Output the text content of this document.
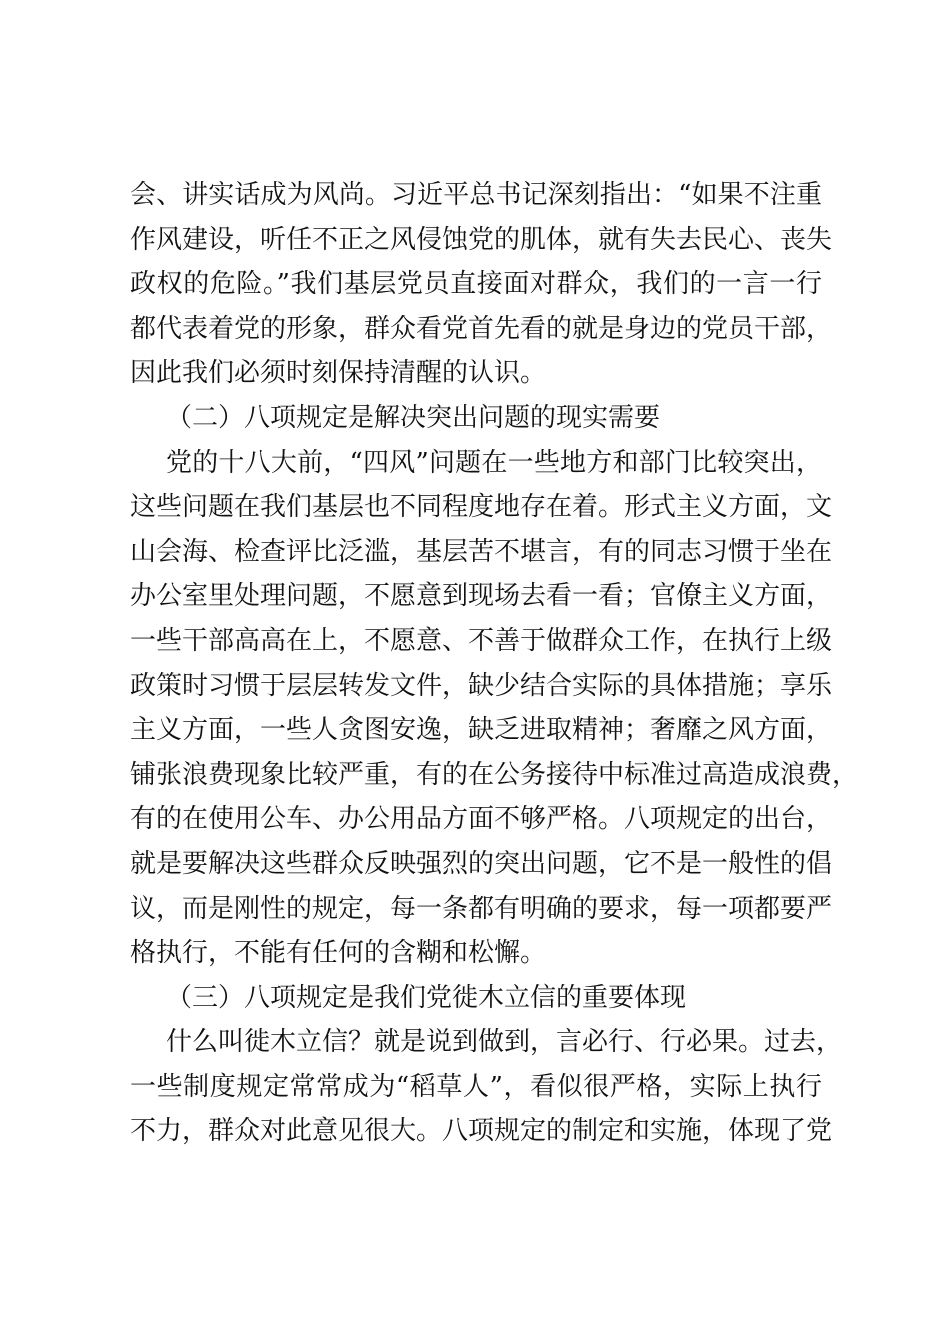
会、讲实话成为风尚。习近平总书记深刻指出：“如果不注重
作风建设，听任不正之风侵蚀党的肌体，就有失去民心、丧失
政权的危险。”我们基层党员直接面对群众，我们的一言一行
都代表着党的形象，群众看党首先看的就是身边的党员干部，
因此我们必须时刻保持清醒的认识。
（二）八项规定是解决突出问题的现实需要
党的十八大前，“四风”问题在一些地方和部门比较突出，
这些问题在我们基层也不同程度地存在着。形式主义方面，文
山会海、检查评比泛滥，基层苦不堪言，有的同志习惯于坐在
办公室里处理问题，不愿意到现场去看一看；官僚主义方面，
一些干部高高在上，不愿意、不善于做群众工作，在执行上级
政策时习惯于层层转发文件，缺少结合实际的具体措施；享乐
主义方面，一些人贪图安逸，缺乏进取精神；奢靡之风方面，
铺张浪费现象比较严重，有的在公务接待中标准过高造成浪费，
有的在使用公车、办公用品方面不够严格。八项规定的出台，
就是要解决这些群众反映强烈的突出问题，它不是一般性的倡
议，而是刚性的规定，每一条都有明确的要求，每一项都要严
格执行，不能有任何的含糊和松懈。
（三）八项规定是我们党徙木立信的重要体现
什么叫徙木立信？就是说到做到，言必行、行必果。过去，
一些制度规定常常成为“稻草人”，看似很严格，实际上执行
不力，群众对此意见很大。八项规定的制定和实施，体现了党
